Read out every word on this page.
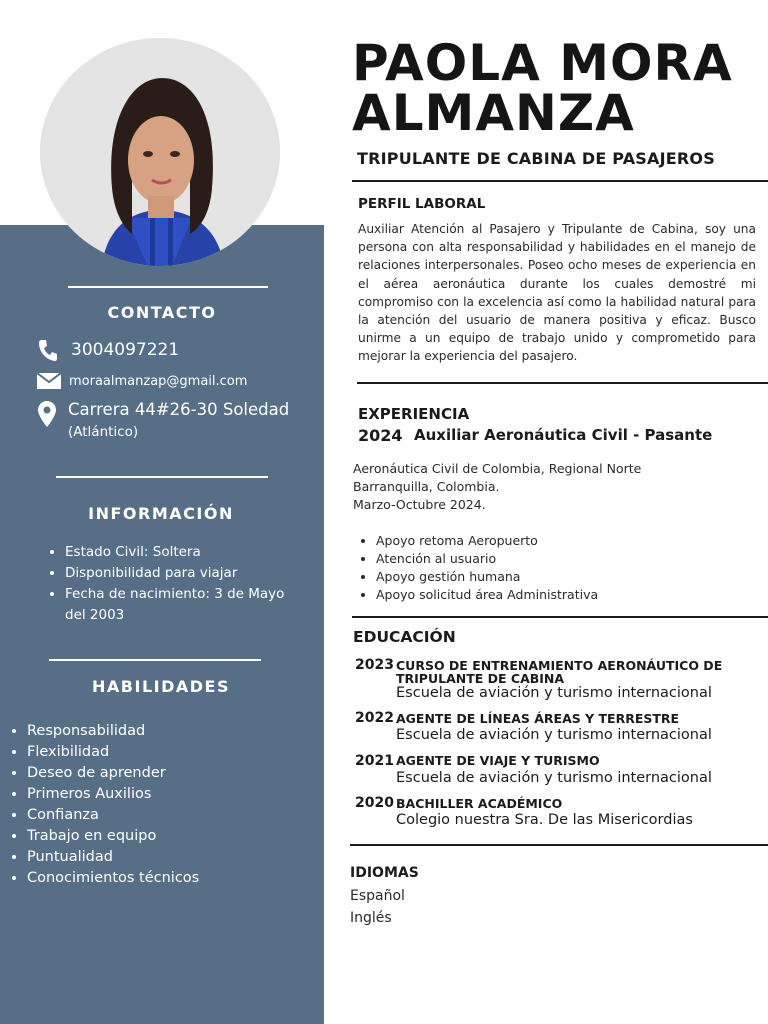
CONTACTO
3004097221
moraalmanzap@gmail.com
Carrera 44#26-30 Soledad
(Atlántico)
INFORMACIÓN
• Estado Civil: Soltera
• Disponibilidad para viajar
• Fecha de nacimiento: 3 de Mayo
del 2003
HABILIDADES
• Responsabilidad
• Flexibilidad
• Deseo de aprender
• Primeros Auxilios
• Confianza
• Trabajo en equipo
• Puntualidad
• Conocimientos técnicos
PAOLA MORA
ALMANZA
TRIPULANTE DE CABINA DE PASAJEROS
PERFIL LABORAL
Auxiliar Atención al Pasajero y Tripulante de Cabina, soy una persona con alta responsabilidad y habilidades en el manejo de relaciones interpersonales. Poseo ocho meses de experiencia en el aérea aeronáutica durante los cuales demostré mi compromiso con la excelencia así como la habilidad natural para la atención del usuario de manera positiva y eficaz. Busco unirme a un equipo de trabajo unido y comprometido para mejorar la experiencia del pasajero.
EXPERIENCIA
2024 Auxiliar Aeronáutica Civil - Pasante
Aeronáutica Civil de Colombia, Regional Norte
Barranquilla, Colombia.
Marzo-Octubre 2024.
• Apoyo retoma Aeropuerto
• Atención al usuario
• Apoyo gestión humana
• Apoyo solicitud área Administrativa
EDUCACIÓN
2023 CURSO DE ENTRENAMIENTO AERONÁUTICO DE
TRIPULANTE DE CABINA
Escuela de aviación y turismo internacional
2022 AGENTE DE LÍNEAS ÁREAS Y TERRESTRE
Escuela de aviación y turismo internacional
2021 AGENTE DE VIAJE Y TURISMO
Escuela de aviación y turismo internacional
2020 BACHILLER ACADÉMICO
Colegio nuestra Sra. De las Misericordias
IDIOMAS
Español
Inglés
